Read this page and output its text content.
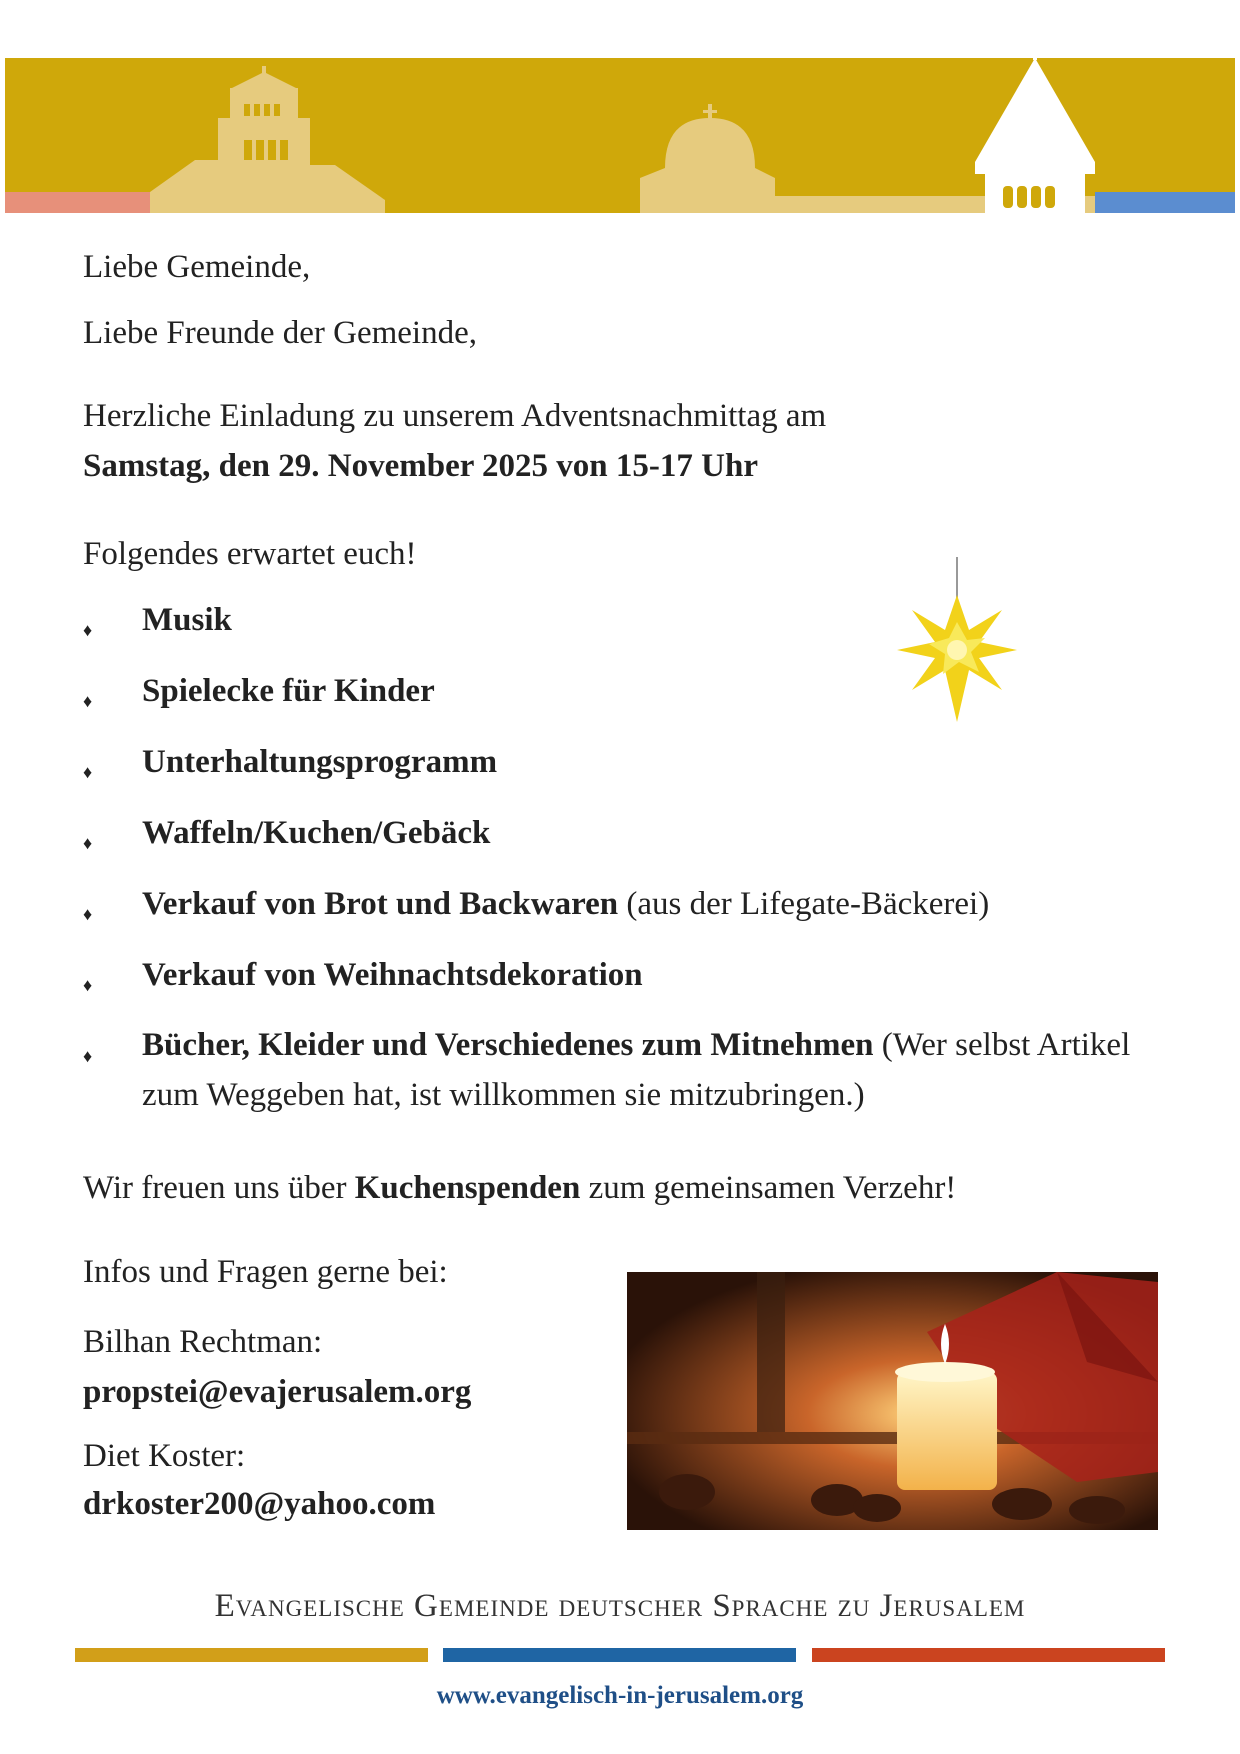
Liebe Gemeinde,
Liebe Freunde der Gemeinde,
Herzliche Einladung zu unserem Adventsnachmittag am
Samstag, den 29. November 2025 von 15-17 Uhr
Folgendes erwartet euch!
♦ Musik
♦ Spielecke für Kinder
♦ Unterhaltungsprogramm
♦ Waffeln/Kuchen/Gebäck
♦ Verkauf von Brot und Backwaren (aus der Lifegate-Bäckerei)
♦ Verkauf von Weihnachtsdekoration
♦ Bücher, Kleider und Verschiedenes zum Mitnehmen (Wer selbst Artikel zum Weggeben hat, ist willkommen sie mitzubringen.)
Wir freuen uns über Kuchenspenden zum gemeinsamen Verzehr!
Infos und Fragen gerne bei:
Bilhan Rechtman:
propstei@evajerusalem.org
Diet Koster:
drkoster200@yahoo.com
Evangelische Gemeinde deutscher Sprache zu Jerusalem
www.evangelisch-in-jerusalem.org
